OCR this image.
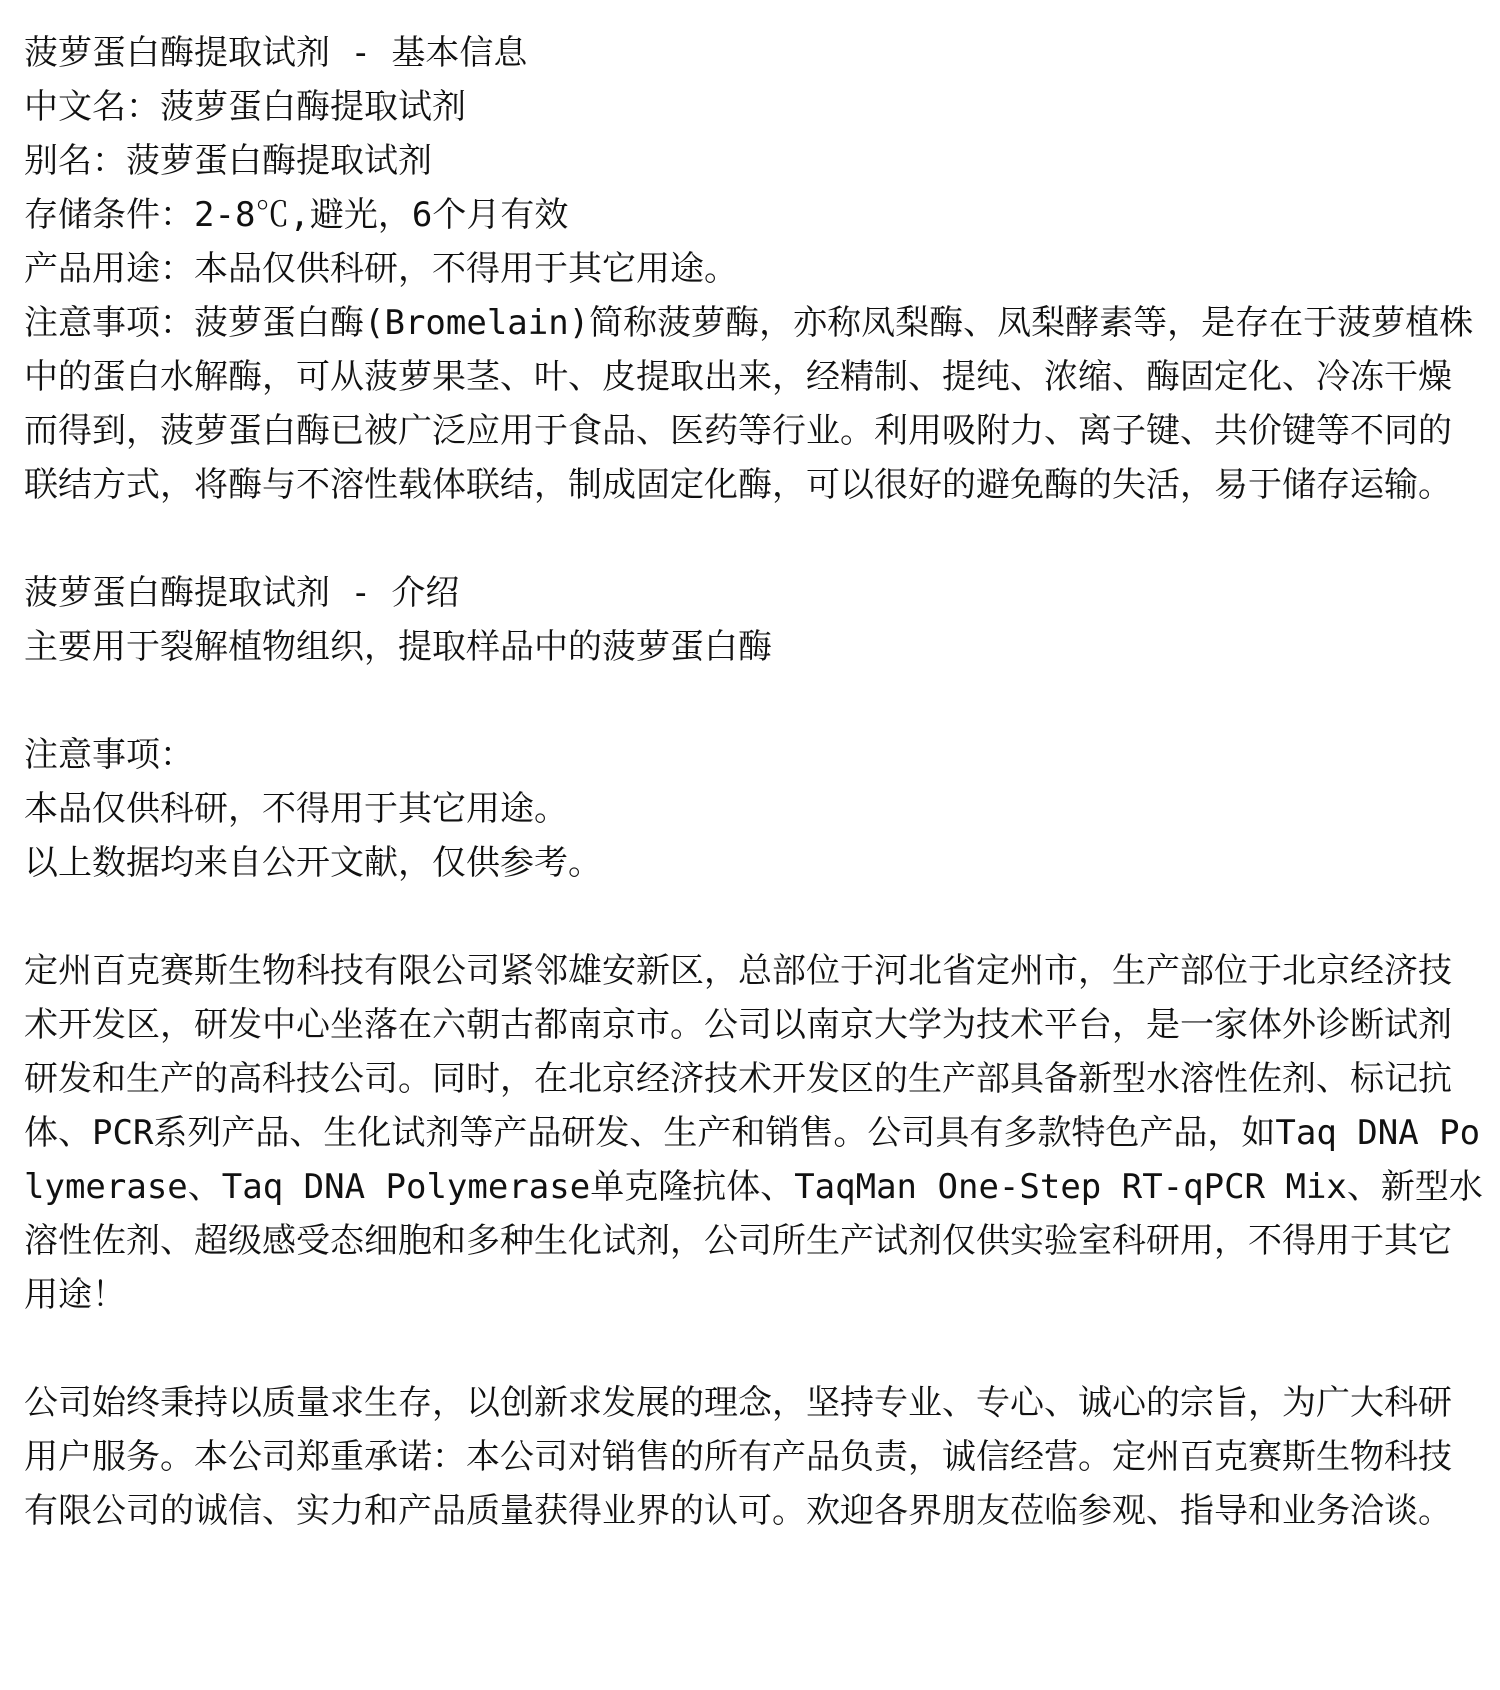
菠萝蛋白酶提取试剂 - 基本信息
中文名：菠萝蛋白酶提取试剂
别名：菠萝蛋白酶提取试剂
存储条件：2-8℃,避光，6个月有效
产品用途：本品仅供科研，不得用于其它用途。
注意事项：菠萝蛋白酶(Bromelain)简称菠萝酶，亦称凤梨酶、凤梨酵素等，是存在于菠萝植株中的蛋白水解酶，可从菠萝果茎、叶、皮提取出来，经精制、提纯、浓缩、酶固定化、冷冻干燥而得到，菠萝蛋白酶已被广泛应用于食品、医药等行业。利用吸附力、离子键、共价键等不同的联结方式，将酶与不溶性载体联结，制成固定化酶，可以很好的避免酶的失活，易于储存运输。
菠萝蛋白酶提取试剂 - 介绍
主要用于裂解植物组织，提取样品中的菠萝蛋白酶
注意事项：
本品仅供科研，不得用于其它用途。
以上数据均来自公开文献，仅供参考。
定州百克赛斯生物科技有限公司紧邻雄安新区，总部位于河北省定州市，生产部位于北京经济技术开发区，研发中心坐落在六朝古都南京市。公司以南京大学为技术平台，是一家体外诊断试剂研发和生产的高科技公司。同时，在北京经济技术开发区的生产部具备新型水溶性佐剂、标记抗体、PCR系列产品、生化试剂等产品研发、生产和销售。公司具有多款特色产品，如Taq DNA Polymerase、Taq DNA Polymerase单克隆抗体、TaqMan One-Step RT-qPCR Mix、新型水溶性佐剂、超级感受态细胞和多种生化试剂，公司所生产试剂仅供实验室科研用，不得用于其它用途！
公司始终秉持以质量求生存，以创新求发展的理念，坚持专业、专心、诚心的宗旨，为广大科研用户服务。本公司郑重承诺：本公司对销售的所有产品负责，诚信经营。定州百克赛斯生物科技有限公司的诚信、实力和产品质量获得业界的认可。欢迎各界朋友莅临参观、指导和业务洽谈。
